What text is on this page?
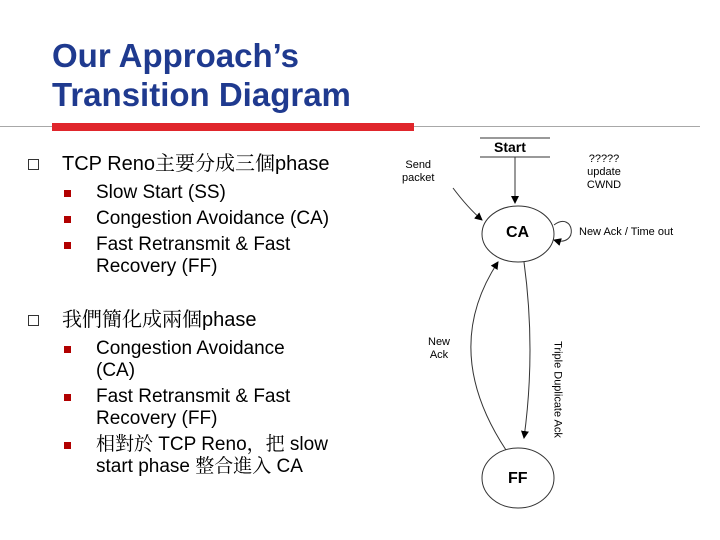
Our Approach’s
Transition Diagram
TCP Reno主要分成三個phase
Slow Start (SS)
Congestion Avoidance (CA)
Fast Retransmit & Fast
Recovery (FF)
我們簡化成兩個phase
Congestion Avoidance
(CA)
Fast Retransmit & Fast
Recovery (FF)
相對於 TCP Reno，把 slow
start phase 整合進入 CA
Start
CA
FF
Send
packet
?????
update
CWND
New Ack / Time out
New
Ack	Triple Duplicate Ack
